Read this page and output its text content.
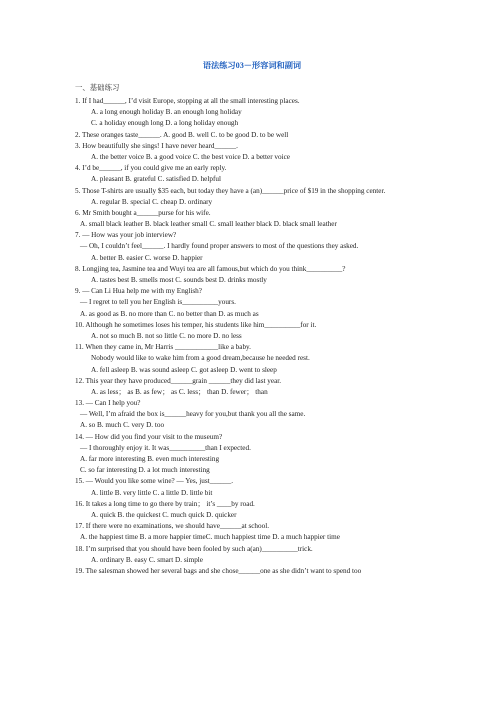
语法练习03－形容词和副词
一、基础练习
1. If I had______, I’d visit Europe, stopping at all the small interesting places.
A. a long enough holiday B. an enough long holiday
C. a holiday enough long D. a long holiday enough
2. These oranges taste______. A. good B. well C. to be good D. to be well
3. How beautifully she sings! I have never heard______.
A. the better voice B. a good voice C. the best voice D. a better voice
4. I’d be______, if you could give me an early reply.
A. pleasant B. grateful C. satisfied D. helpful
5. Those T-shirts are usually $35 each, but today they have a (an)______price of $19 in the shopping center.
A. regular B. special C. cheap D. ordinary
6. Mr Smith bought a______purse for his wife.
A. small black leather B. black leather small C. small leather black D. black small leather
7. — How was your job interview?
— Oh, I couldn’t feel______. I hardly found proper answers to most of the questions they asked.
A. better B. easier C. worse D. happier
8. Longjing tea, Jasmine tea and Wuyi tea are all famous,but which do you think__________?
A. tastes best B. smells most C. sounds best D. drinks mostly
9. — Can Li Hua help me with my English?
— I regret to tell you her English is__________yours.
A. as good as B. no more than C. no better than D. as much as
10. Although he sometimes loses his temper, his students like him__________for it.
A. not so much B. not so little C. no more D. no less
11. When they came in, Mr Harris ____________like a baby.
Nobody would like to wake him from a good dream,because he needed rest.
A. fell asleep B. was sound asleep C. got asleep D. went to sleep
12. This year they have produced______grain ______they did last year.
A. as less； as B. as few； as C. less； than D. fewer； than
13. — Can I help you?
— Well, I’m afraid the box is______heavy for you,but thank you all the same.
A. so B. much C. very D. too
14. — How did you find your visit to the museum?
— I thoroughly enjoy it. It was__________than I expected.
A. far more interesting B. even much interesting
C. so far interesting D. a lot much interesting
15. — Would you like some wine? — Yes, just______.
A. little B. very little C. a little D. little bit
16. It takes a long time to go there by train； it’s ____by road.
A. quick B. the quickest C. much quick D. quicker
17. If there were no examinations, we should have______at school.
A. the happiest time B. a more happier timeC. much happiest time D. a much happier time
18. I’m surprised that you should have been fooled by such a(an)__________trick.
A. ordinary B. easy C. smart D. simple
19. The salesman showed her several bags and she chose______one as she didn’t want to spend too
